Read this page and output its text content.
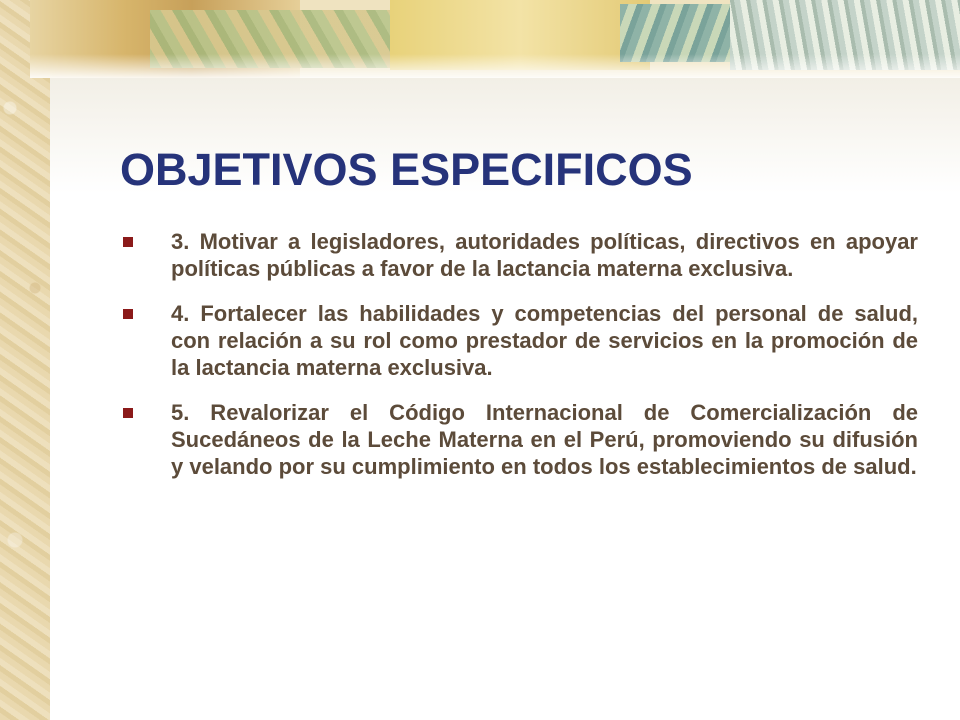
OBJETIVOS ESPECIFICOS
3. Motivar a legisladores, autoridades políticas, directivos en apoyar políticas públicas a favor de la lactancia materna exclusiva.
4. Fortalecer las habilidades y competencias del personal de salud, con relación a su rol como prestador de servicios en la promoción de la lactancia materna exclusiva.
5. Revalorizar el Código Internacional de Comercialización de Sucedáneos de la Leche Materna en el Perú, promoviendo su difusión y velando por su cumplimiento en todos los establecimientos de salud.
